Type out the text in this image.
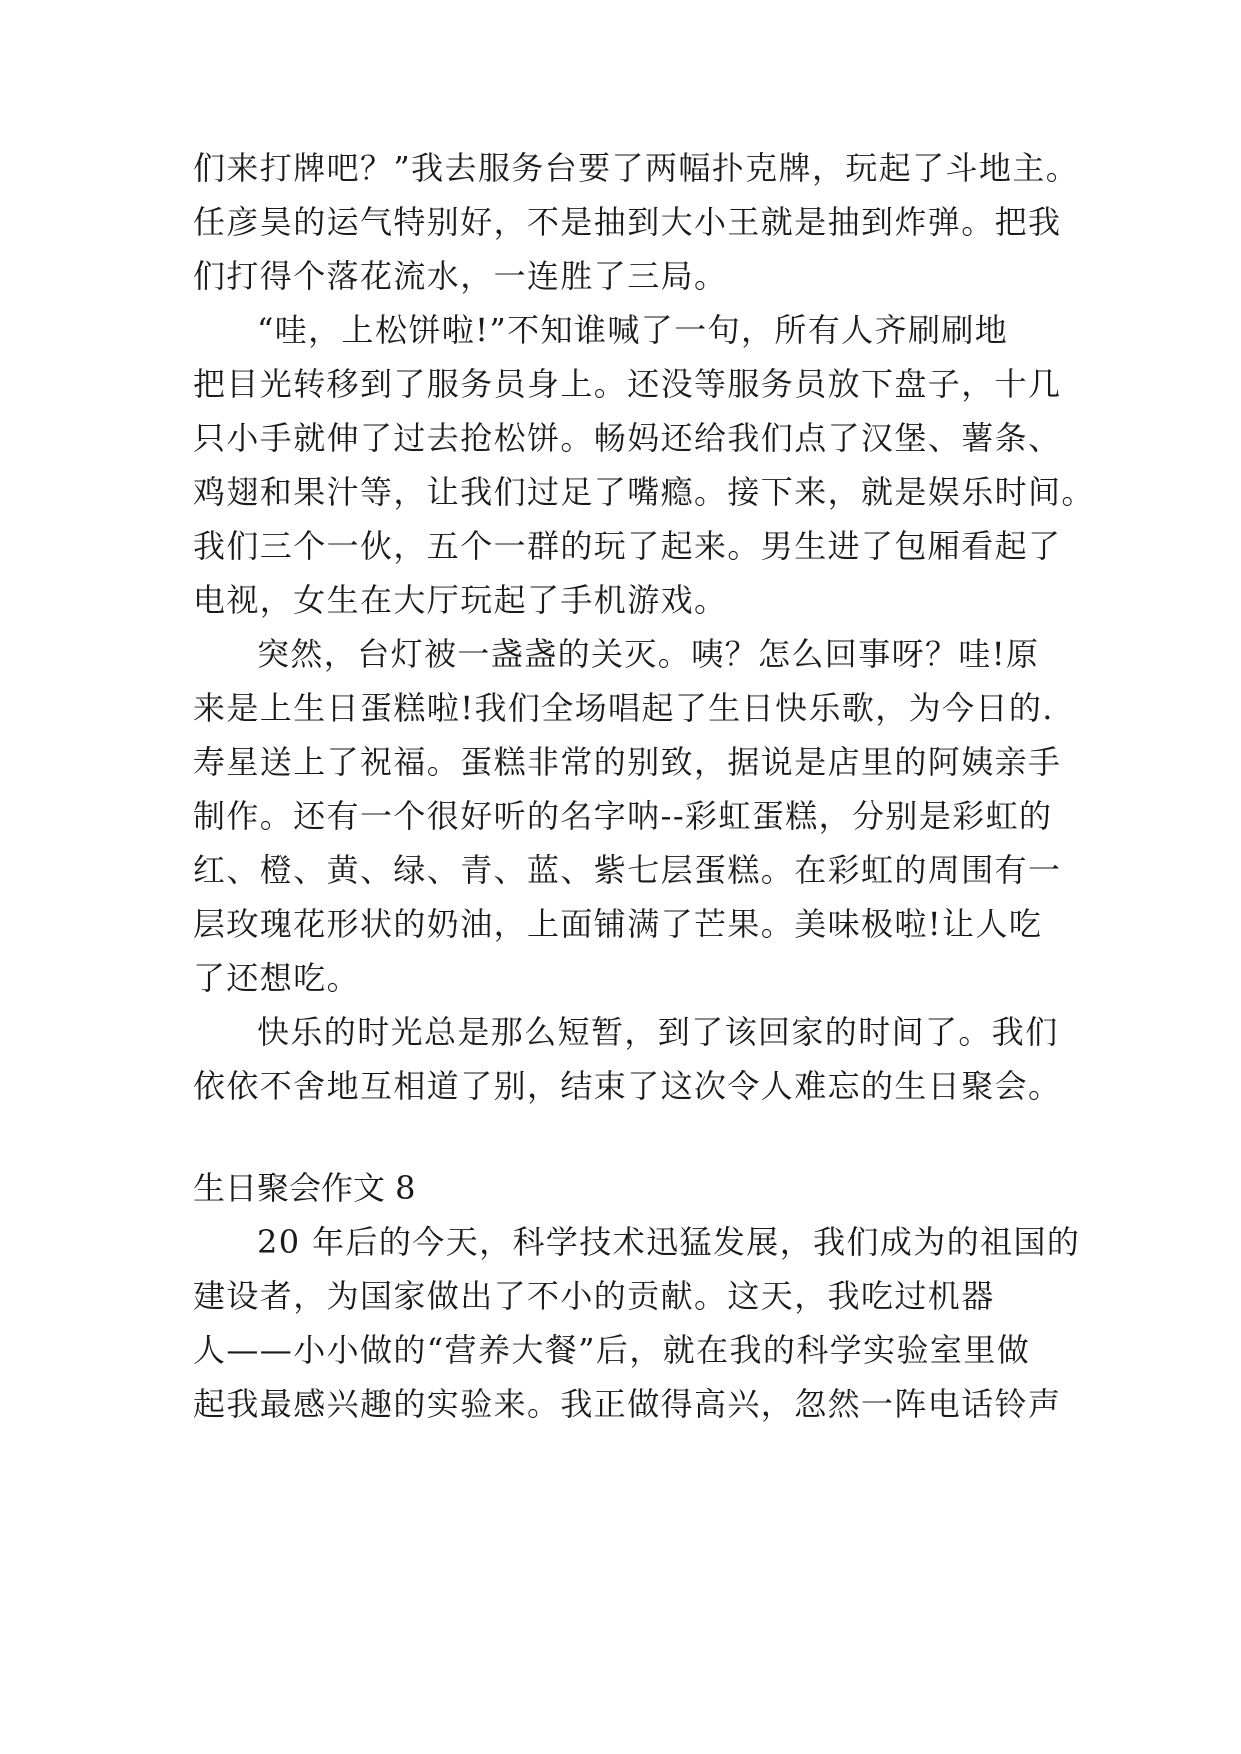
们来打牌吧？”我去服务台要了两幅扑克牌，玩起了斗地主。
任彦昊的运气特别好，不是抽到大小王就是抽到炸弹。把我
们打得个落花流水，一连胜了三局。
“哇，上松饼啦!”不知谁喊了一句，所有人齐刷刷地
把目光转移到了服务员身上。还没等服务员放下盘子，十几
只小手就伸了过去抢松饼。畅妈还给我们点了汉堡、薯条、
鸡翅和果汁等，让我们过足了嘴瘾。接下来，就是娱乐时间。
我们三个一伙，五个一群的玩了起来。男生进了包厢看起了
电视，女生在大厅玩起了手机游戏。
突然，台灯被一盏盏的关灭。咦？怎么回事呀？哇!原
来是上生日蛋糕啦!我们全场唱起了生日快乐歌，为今日的.
寿星送上了祝福。蛋糕非常的别致，据说是店里的阿姨亲手
制作。还有一个很好听的名字呐--彩虹蛋糕，分别是彩虹的
红、橙、黄、绿、青、蓝、紫七层蛋糕。在彩虹的周围有一
层玫瑰花形状的奶油，上面铺满了芒果。美味极啦!让人吃
了还想吃。
快乐的时光总是那么短暂，到了该回家的时间了。我们
依依不舍地互相道了别，结束了这次令人难忘的生日聚会。
生日聚会作文 8
20 年后的今天，科学技术迅猛发展，我们成为的祖国的
建设者，为国家做出了不小的贡献。这天，我吃过机器
人——小小做的“营养大餐”后，就在我的科学实验室里做
起我最感兴趣的实验来。我正做得高兴，忽然一阵电话铃声
